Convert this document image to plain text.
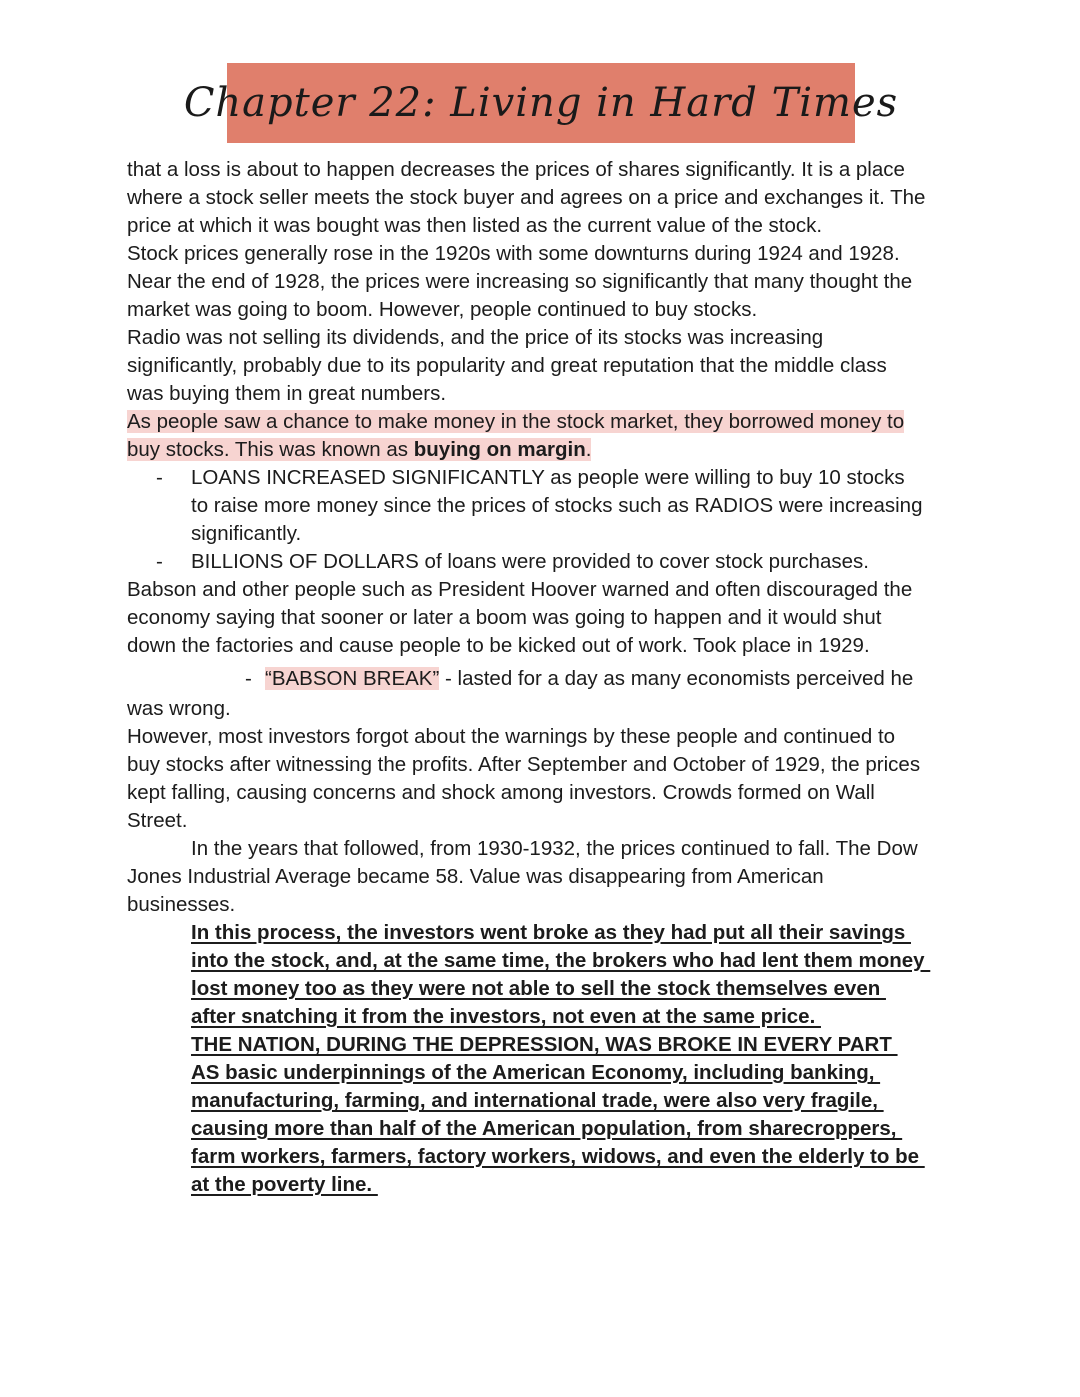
Chapter 22: Living in Hard Times
that a loss is about to happen decreases the prices of shares significantly. It is a place
where a stock seller meets the stock buyer and agrees on a price and exchanges it. The
price at which it was bought was then listed as the current value of the stock.
Stock prices generally rose in the 1920s with some downturns during 1924 and 1928.
Near the end of 1928, the prices were increasing so significantly that many thought the
market was going to boom. However, people continued to buy stocks.
Radio was not selling its dividends, and the price of its stocks was increasing
significantly, probably due to its popularity and great reputation that the middle class
was buying them in great numbers.
As people saw a chance to make money in the stock market, they borrowed money to
buy stocks. This was known as buying on margin.
- LOANS INCREASED SIGNIFICANTLY as people were willing to buy 10 stocks
to raise more money since the prices of stocks such as RADIOS were increasing
significantly.
- BILLIONS OF DOLLARS of loans were provided to cover stock purchases.
Babson and other people such as President Hoover warned and often discouraged the
economy saying that sooner or later a boom was going to happen and it would shut
down the factories and cause people to be kicked out of work. Took place in 1929.
- “BABSON BREAK” - lasted for a day as many economists perceived he
was wrong.
However, most investors forgot about the warnings by these people and continued to
buy stocks after witnessing the profits. After September and October of 1929, the prices
kept falling, causing concerns and shock among investors. Crowds formed on Wall
Street.
In the years that followed, from 1930-1932, the prices continued to fall. The Dow
Jones Industrial Average became 58. Value was disappearing from American
businesses.
In this process, the investors went broke as they had put all their savings
into the stock, and, at the same time, the brokers who had lent them money
lost money too as they were not able to sell the stock themselves even
after snatching it from the investors, not even at the same price.
THE NATION, DURING THE DEPRESSION, WAS BROKE IN EVERY PART
AS basic underpinnings of the American Economy, including banking,
manufacturing, farming, and international trade, were also very fragile,
causing more than half of the American population, from sharecroppers,
farm workers, farmers, factory workers, widows, and even the elderly to be
at the poverty line.
